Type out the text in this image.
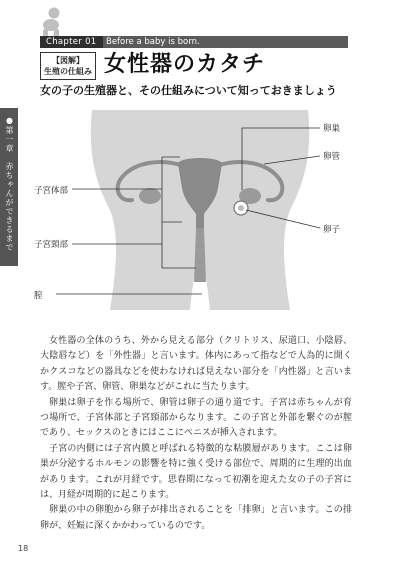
Chapter 01	Before a baby is born.
【図解】
生殖の仕組み 女性器のカタチ
女の子の生殖器と、その仕組みについて知っておきましょう
●第一章　赤ちゃんができるまで	卵巣
卵管
卵子
子宮体部
子宮頸部
膣

女性器の全体のうち、外から見える部分（クリトリス、尿道口、小陰唇、大陰唇など）を「外性器」と言います。体内にあって指などで人為的に開くかクスコなどの器具などを使わなければ見えない部分を「内性器」と言います。膣や子宮、卵管、卵巣などがこれに当たります。

卵巣は卵子を作る場所で、卵管は卵子の通り道です。子宮は赤ちゃんが育つ場所で、子宮体部と子宮頸部からなります。この子宮と外部を繋ぐのが膣であり、セックスのときにはここにペニスが挿入されます。

子宮の内側には子宮内膜と呼ばれる特徴的な粘膜層があります。ここは卵巣が分泌するホルモンの影響を特に強く受ける部位で、周期的に生理的出血があります。これが月経です。思春期になって初潮を迎えた女の子の子宮には、月経が周期的に起こります。

卵巣の中の卵胞から卵子が排出されることを「排卵」と言います。この排卵が、妊娠に深くかかわっているのです。

18
